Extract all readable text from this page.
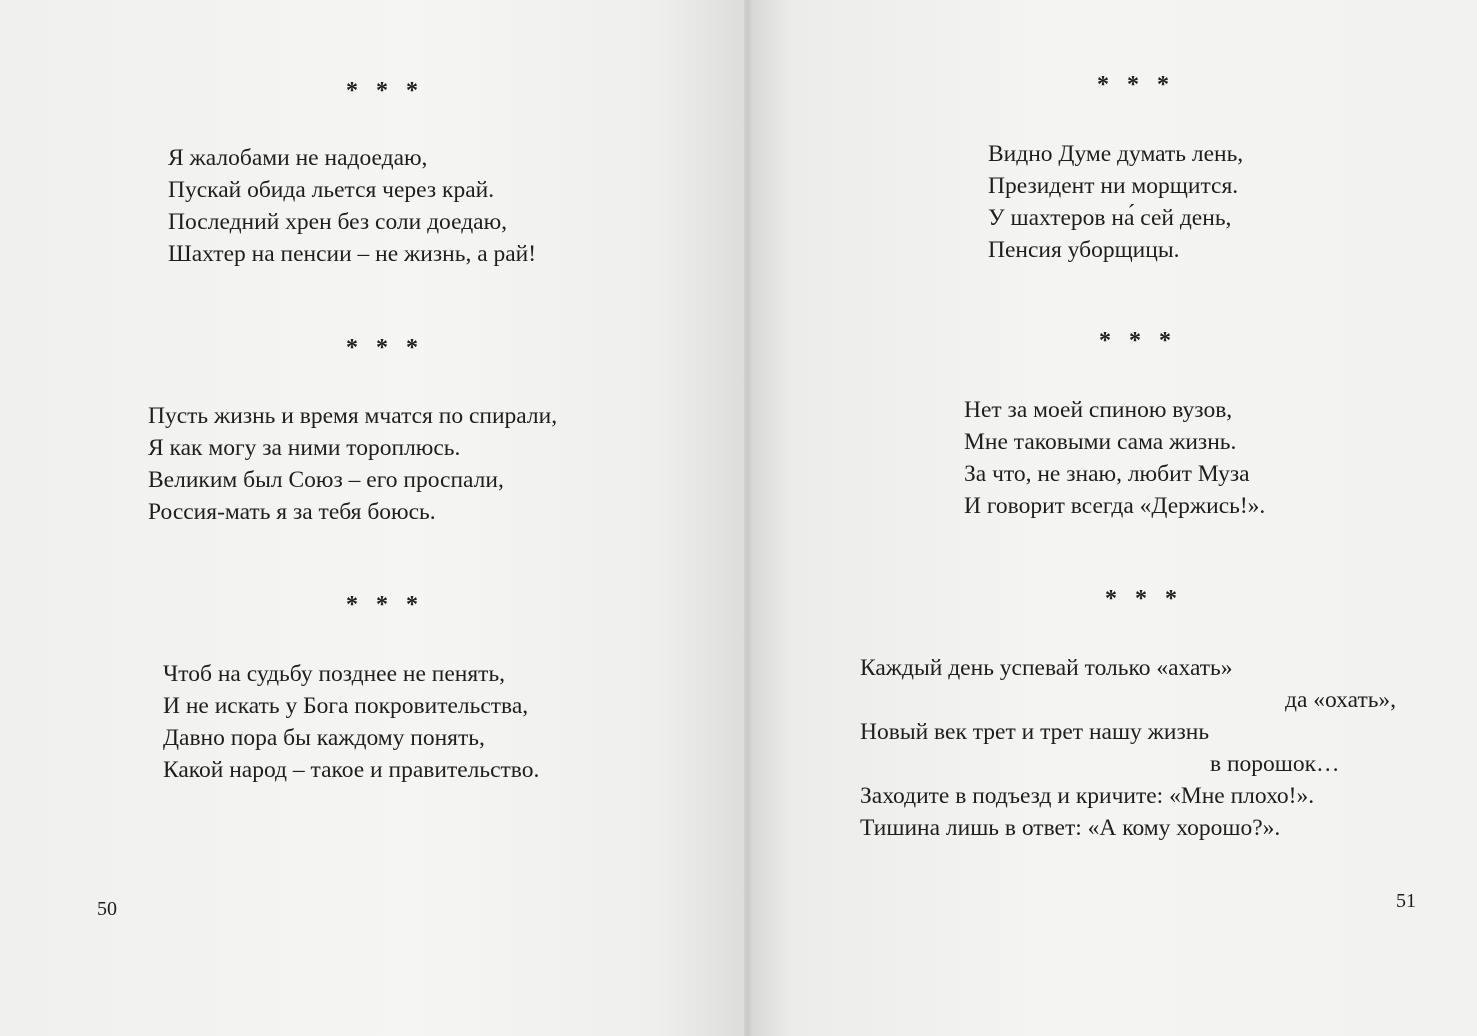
* * *

Я жалобами не надоедаю,
Пускай обида льется через край.
Последний хрен без соли доедаю,
Шахтер на пенсии – не жизнь, а рай!

* * *

Пусть жизнь и время мчатся по спирали,
Я как могу за ними тороплюсь.
Великим был Союз – его проспали,
Россия-мать я за тебя боюсь.

* * *

Чтоб на судьбу позднее не пенять,
И не искать у Бога покровительства,
Давно пора бы каждому понять,
Какой народ – такое и правительство.

50

* * *

Видно Думе думать лень,
Президент ни морщится.
У шахтеров на́ сей день,
Пенсия уборщицы.

* * *

Нет за моей спиною вузов,
Мне таковыми сама жизнь.
За что, не знаю, любит Муза
И говорит всегда «Держись!».

* * *

Каждый день успевай только «ахать»
да «охать»,
Новый век трет и трет нашу жизнь
в порошок…
Заходите в подъезд и кричите: «Мне плохо!».
Тишина лишь в ответ: «А кому хорошо?».

51
